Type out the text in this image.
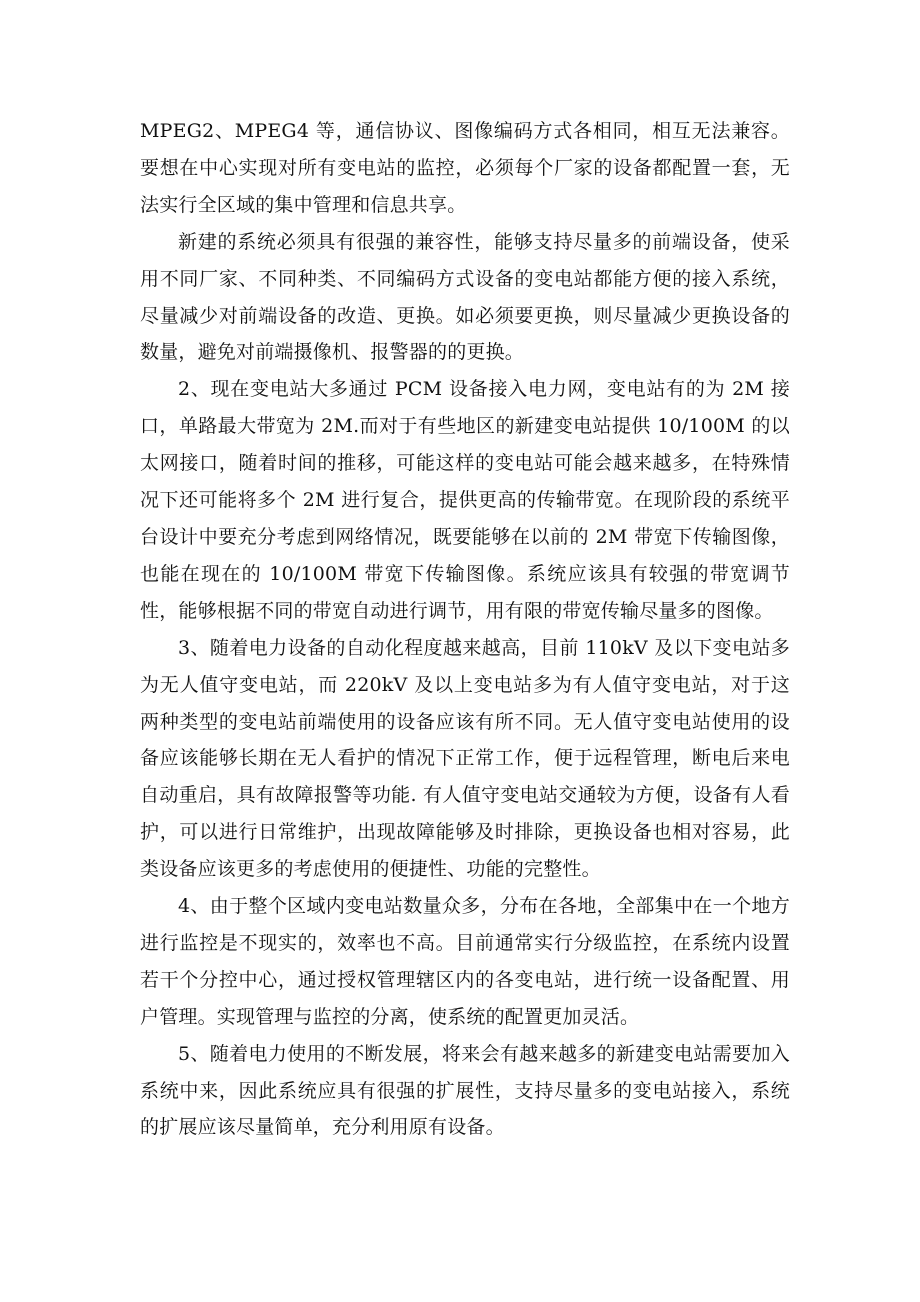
MPEG2、MPEG4 等，通信协议、图像编码方式各相同，相互无法兼容。要想在中心实现对所有变电站的监控，必须每个厂家的设备都配置一套，无法实行全区域的集中管理和信息共享。

新建的系统必须具有很强的兼容性，能够支持尽量多的前端设备，使采用不同厂家、不同种类、不同编码方式设备的变电站都能方便的接入系统，尽量减少对前端设备的改造、更换。如必须要更换，则尽量减少更换设备的数量，避免对前端摄像机、报警器的的更换。

2、现在变电站大多通过 PCM 设备接入电力网，变电站有的为 2M 接口，单路最大带宽为 2M.而对于有些地区的新建变电站提供 10/100M 的以太网接口，随着时间的推移，可能这样的变电站可能会越来越多，在特殊情况下还可能将多个 2M 进行复合，提供更高的传输带宽。在现阶段的系统平台设计中要充分考虑到网络情况，既要能够在以前的 2M 带宽下传输图像，也能在现在的 10/100M 带宽下传输图像。系统应该具有较强的带宽调节性，能够根据不同的带宽自动进行调节，用有限的带宽传输尽量多的图像。

3、随着电力设备的自动化程度越来越高，目前 110kV 及以下变电站多为无人值守变电站，而 220kV 及以上变电站多为有人值守变电站，对于这两种类型的变电站前端使用的设备应该有所不同。无人值守变电站使用的设备应该能够长期在无人看护的情况下正常工作，便于远程管理，断电后来电自动重启，具有故障报警等功能. 有人值守变电站交通较为方便，设备有人看护，可以进行日常维护，出现故障能够及时排除，更换设备也相对容易，此类设备应该更多的考虑使用的便捷性、功能的完整性。

4、由于整个区域内变电站数量众多，分布在各地，全部集中在一个地方进行监控是不现实的，效率也不高。目前通常实行分级监控，在系统内设置若干个分控中心，通过授权管理辖区内的各变电站，进行统一设备配置、用户管理。实现管理与监控的分离，使系统的配置更加灵活。

5、随着电力使用的不断发展，将来会有越来越多的新建变电站需要加入系统中来，因此系统应具有很强的扩展性，支持尽量多的变电站接入，系统的扩展应该尽量简单，充分利用原有设备。
